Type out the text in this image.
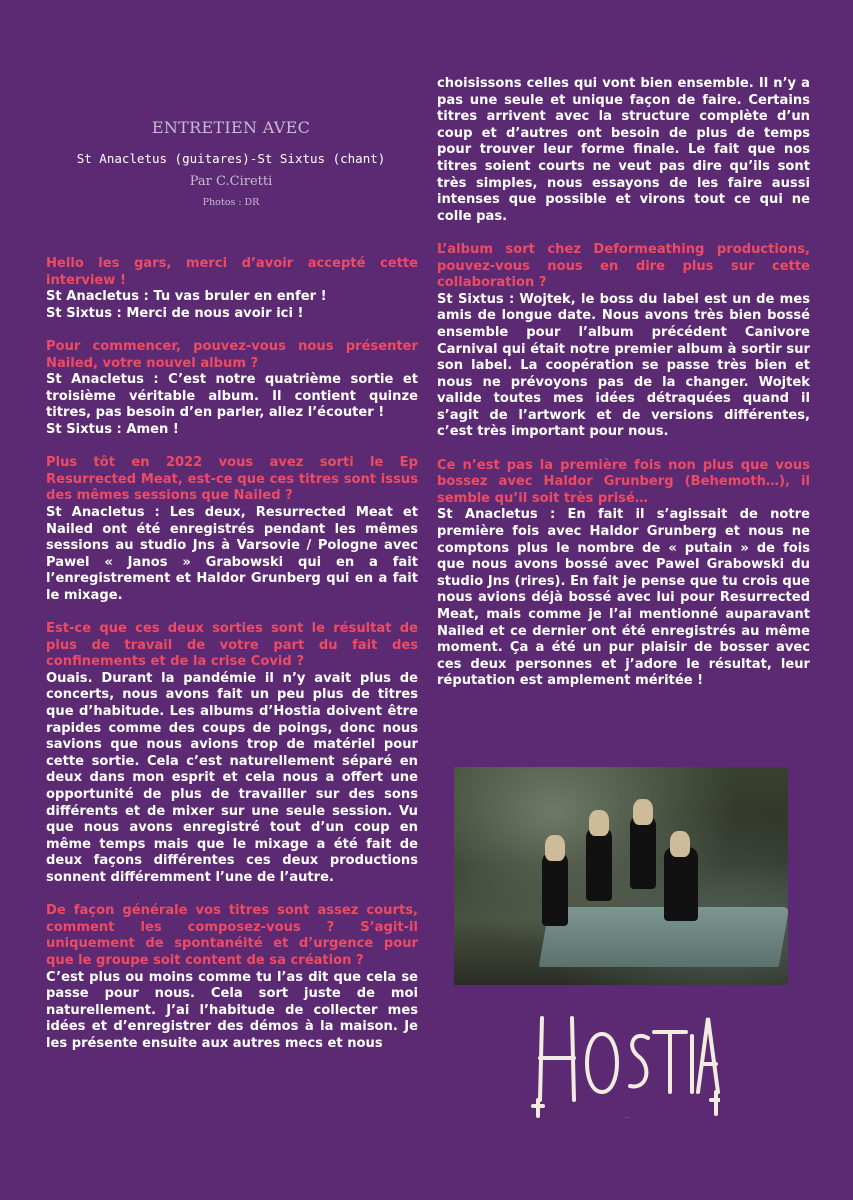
ENTRETIEN AVEC
St Anacletus (guitares)-St Sixtus (chant)
Par C.Ciretti
Photos : DR

Hello les gars, merci d’avoir accepté cette interview !

St Anacletus : Tu vas bruler en enfer !

St Sixtus : Merci de nous avoir ici !

Pour commencer, pouvez-vous nous présenter Nailed, votre nouvel album ?

St Anacletus : C’est notre quatrième sortie et troisième véritable album. Il contient quinze titres, pas besoin d’en parler, allez l’écouter !

St Sixtus : Amen !

Plus tôt en 2022 vous avez sorti le Ep Resurrected Meat, est-ce que ces titres sont issus des mêmes sessions que Nailed ?

St Anacletus : Les deux, Resurrected Meat et Nailed ont été enregistrés pendant les mêmes sessions au studio Jns à Varsovie / Pologne avec Pawel « Janos » Grabowski qui en a fait l’enregistrement et Haldor Grunberg qui en a fait le mixage.

Est-ce que ces deux sorties sont le résultat de plus de travail de votre part du fait des confinements et de la crise Covid ?

Ouais. Durant la pandémie il n’y avait plus de concerts, nous avons fait un peu plus de titres que d’habitude. Les albums d’Hostia doivent être rapides comme des coups de poings, donc nous savions que nous avions trop de matériel pour cette sortie. Cela c’est naturellement séparé en deux dans mon esprit et cela nous a offert une opportunité de plus de travailler sur des sons différents et de mixer sur une seule session. Vu que nous avons enregistré tout d’un coup en même temps mais que le mixage a été fait de deux façons différentes ces deux productions sonnent différemment l’une de l’autre.

De façon générale vos titres sont assez courts, comment les composez-vous ? S’agit-il uniquement de spontanéité et d’urgence pour que le groupe soit content de sa création ?

C’est plus ou moins comme tu l’as dit que cela se passe pour nous. Cela sort juste de moi naturellement. J’ai l’habitude de collecter mes idées et d’enregistrer des démos à la maison. Je les présente ensuite aux autres mecs et nous

choisissons celles qui vont bien ensemble. Il n’y a pas une seule et unique façon de faire. Certains titres arrivent avec la structure complète d’un coup et d’autres ont besoin de plus de temps pour trouver leur forme finale. Le fait que nos titres soient courts ne veut pas dire qu’ils sont très simples, nous essayons de les faire aussi intenses que possible et virons tout ce qui ne colle pas.

L’album sort chez Deformeathing productions, pouvez-vous nous en dire plus sur cette collaboration ?

St Sixtus : Wojtek, le boss du label est un de mes amis de longue date. Nous avons très bien bossé ensemble pour l’album précédent Canivore Carnival qui était notre premier album à sortir sur son label. La coopération se passe très bien et nous ne prévoyons pas de la changer. Wojtek valide toutes mes idées détraquées quand il s’agit de l’artwork et de versions différentes, c’est très important pour nous.

Ce n’est pas la première fois non plus que vous bossez avec Haldor Grunberg (Behemoth…), il semble qu’il soit très prisé…

St Anacletus : En fait il s’agissait de notre première fois avec Haldor Grunberg et nous ne comptons plus le nombre de « putain » de fois que nous avons bossé avec Pawel Grabowski du studio Jns (rires). En fait je pense que tu crois que nous avions déjà bossé avec lui pour Resurrected Meat, mais comme je l’ai mentionné auparavant Nailed et ce dernier ont été enregistrés au même moment. Ça a été un pur plaisir de bosser avec ces deux personnes et j’adore le résultat, leur réputation est amplement méritée !

HOSTIA
